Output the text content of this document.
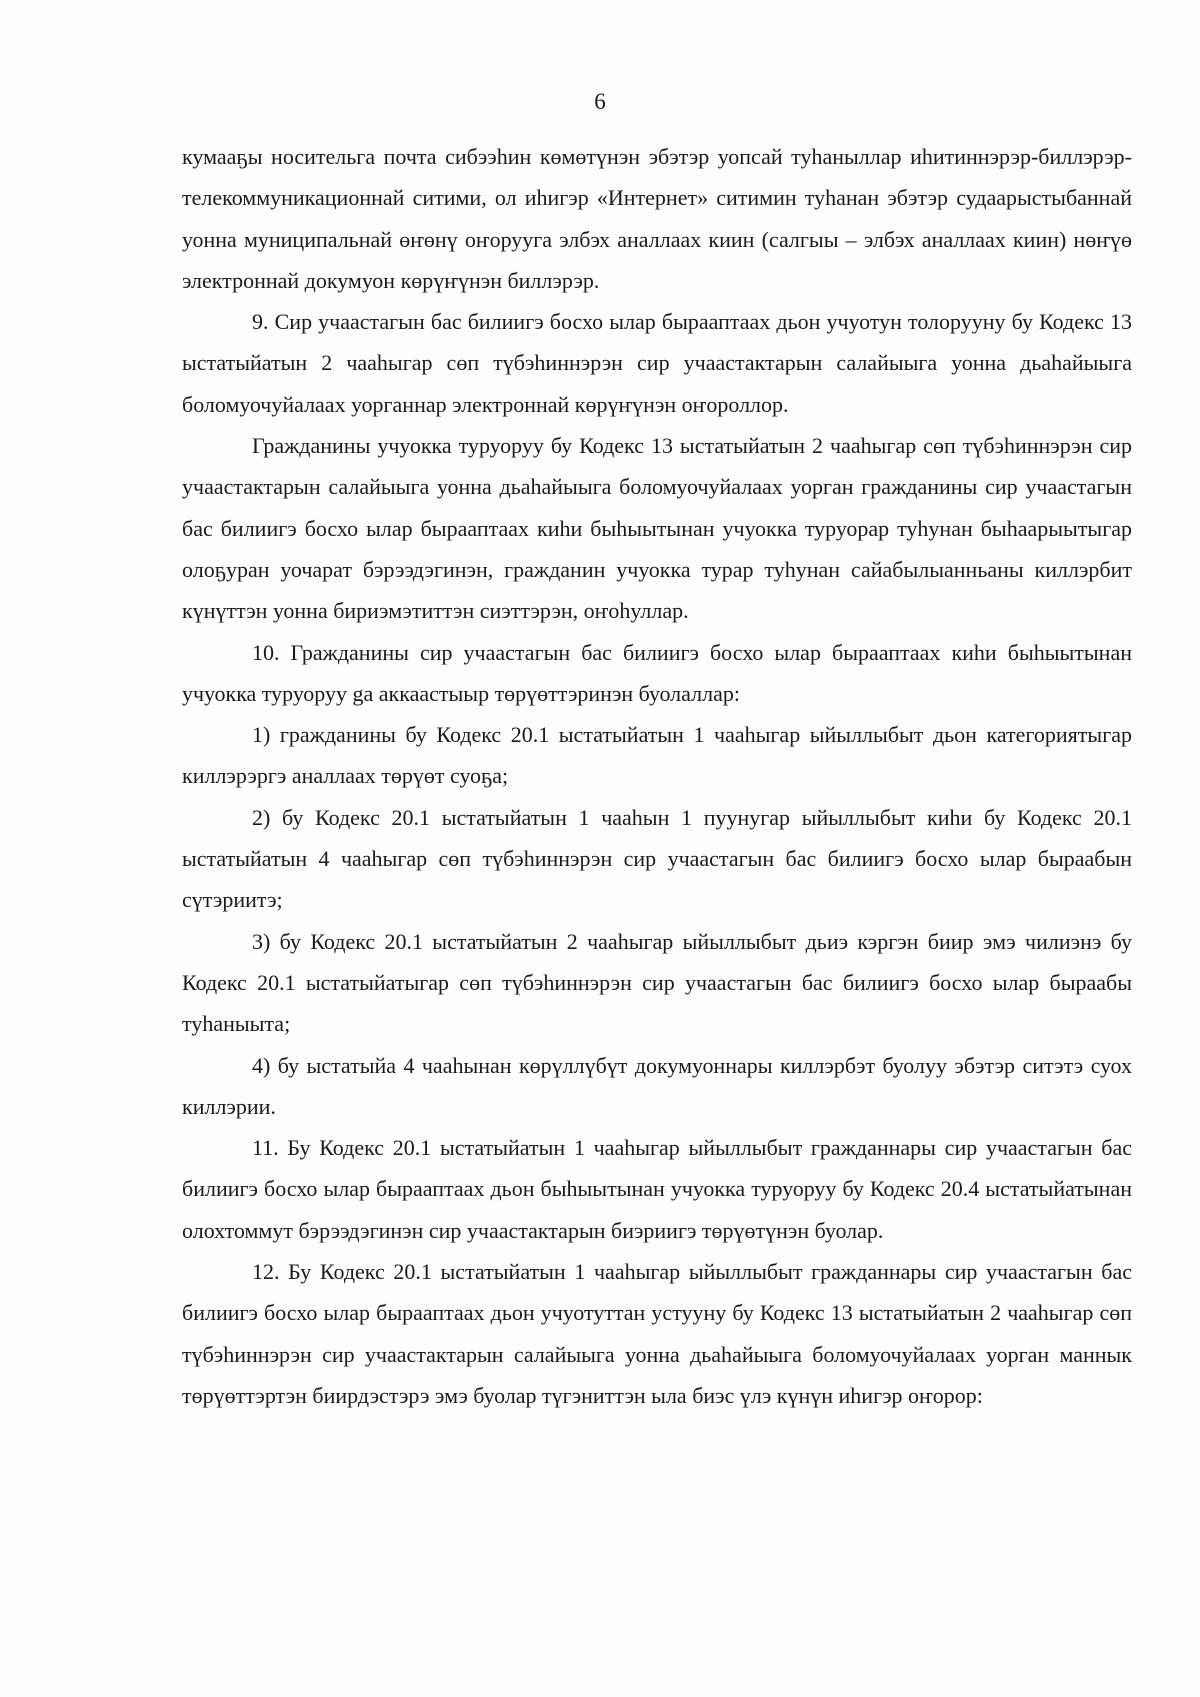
6

кумааҕы носительга почта сибээһин көмөтүнэн эбэтэр уопсай туһаныллар иһитиннэрэр-биллэрэр-телекоммуникационнай ситими, ол иһигэр «Интернет» ситимин туһанан эбэтэр судаарыстыбаннай уонна муниципальнай өҥөнү оҥорууга элбэх аналлаах киин (салгыы – элбэх аналлаах киин) нөҥүө электроннай докумуон көрүҥүнэн биллэрэр.

9. Сир учаастагын бас билиигэ босхо ылар бырааптаах дьон учуотун толорууну бу Кодекс 13 ыстатыйатын 2 чааһыгар сөп түбэһиннэрэн сир учаастактарын салайыыга уонна дьаһайыыга боломуочуйалаах уорганнар электроннай көрүҥүнэн оҥороллор.

Гражданины учуокка туруоруу бу Кодекс 13 ыстатыйатын 2 чааһыгар сөп түбэһиннэрэн сир учаастактарын салайыыга уонна дьаһайыыга боломуочуйалаах уорган гражданины сир учаастагын бас билиигэ босхо ылар бырааптаах киһи быһыытынан учуокка туруорар туһунан быһаарыытыгар олоҕуран уочарат бэрээдэгинэн, гражданин учуокка турар туһунан сайабылыанньаны киллэрбит күнүттэн уонна бириэмэтиттэн сиэттэрэн, оҥоһуллар.

10. Гражданины сир учаастагын бас билиигэ босхо ылар бырааптаах киһи быһыытынан учуокка туруоруу ga аккаастыыр төрүөттэринэн буолаллар:

1) гражданины бу Кодекс 20.1 ыстатыйатын 1 чааһыгар ыйыллыбыт дьон категориятыгар киллэрэргэ аналлаах төрүөт суоҕа;

2) бу Кодекс 20.1 ыстатыйатын 1 чааһын 1 пуунугар ыйыллыбыт киһи бу Кодекс 20.1 ыстатыйатын 4 чааһыгар сөп түбэһиннэрэн сир учаастагын бас билиигэ босхо ылар быраабын сүтэриитэ;

3) бу Кодекс 20.1 ыстатыйатын 2 чааһыгар ыйыллыбыт дьиэ кэргэн биир эмэ чилиэнэ бу Кодекс 20.1 ыстатыйатыгар сөп түбэһиннэрэн сир учаастагын бас билиигэ босхо ылар быраабы туһаныыта;

4) бу ыстатыйа 4 чааһынан көрүллүбүт докумуоннары киллэрбэт буолуу эбэтэр ситэтэ суох киллэрии.

11. Бу Кодекс 20.1 ыстатыйатын 1 чааһыгар ыйыллыбыт гражданнары сир учаастагын бас билиигэ босхо ылар бырааптаах дьон быһыытынан учуокка туруоруу бу Кодекс 20.4 ыстатыйатынан олохтоммут бэрээдэгинэн сир учаастактарын биэриигэ төрүөтүнэн буолар.

12. Бу Кодекс 20.1 ыстатыйатын 1 чааһыгар ыйыллыбыт гражданнары сир учаастагын бас билиигэ босхо ылар бырааптаах дьон учуотуттан устууну бу Кодекс 13 ыстатыйатын 2 чааһыгар сөп түбэһиннэрэн сир учаастактарын салайыыга уонна дьаһайыыга боломуочуйалаах уорган маннык төрүөттэртэн биирдэстэрэ эмэ буолар түгэниттэн ыла биэс үлэ күнүн иһигэр оҥорор:
